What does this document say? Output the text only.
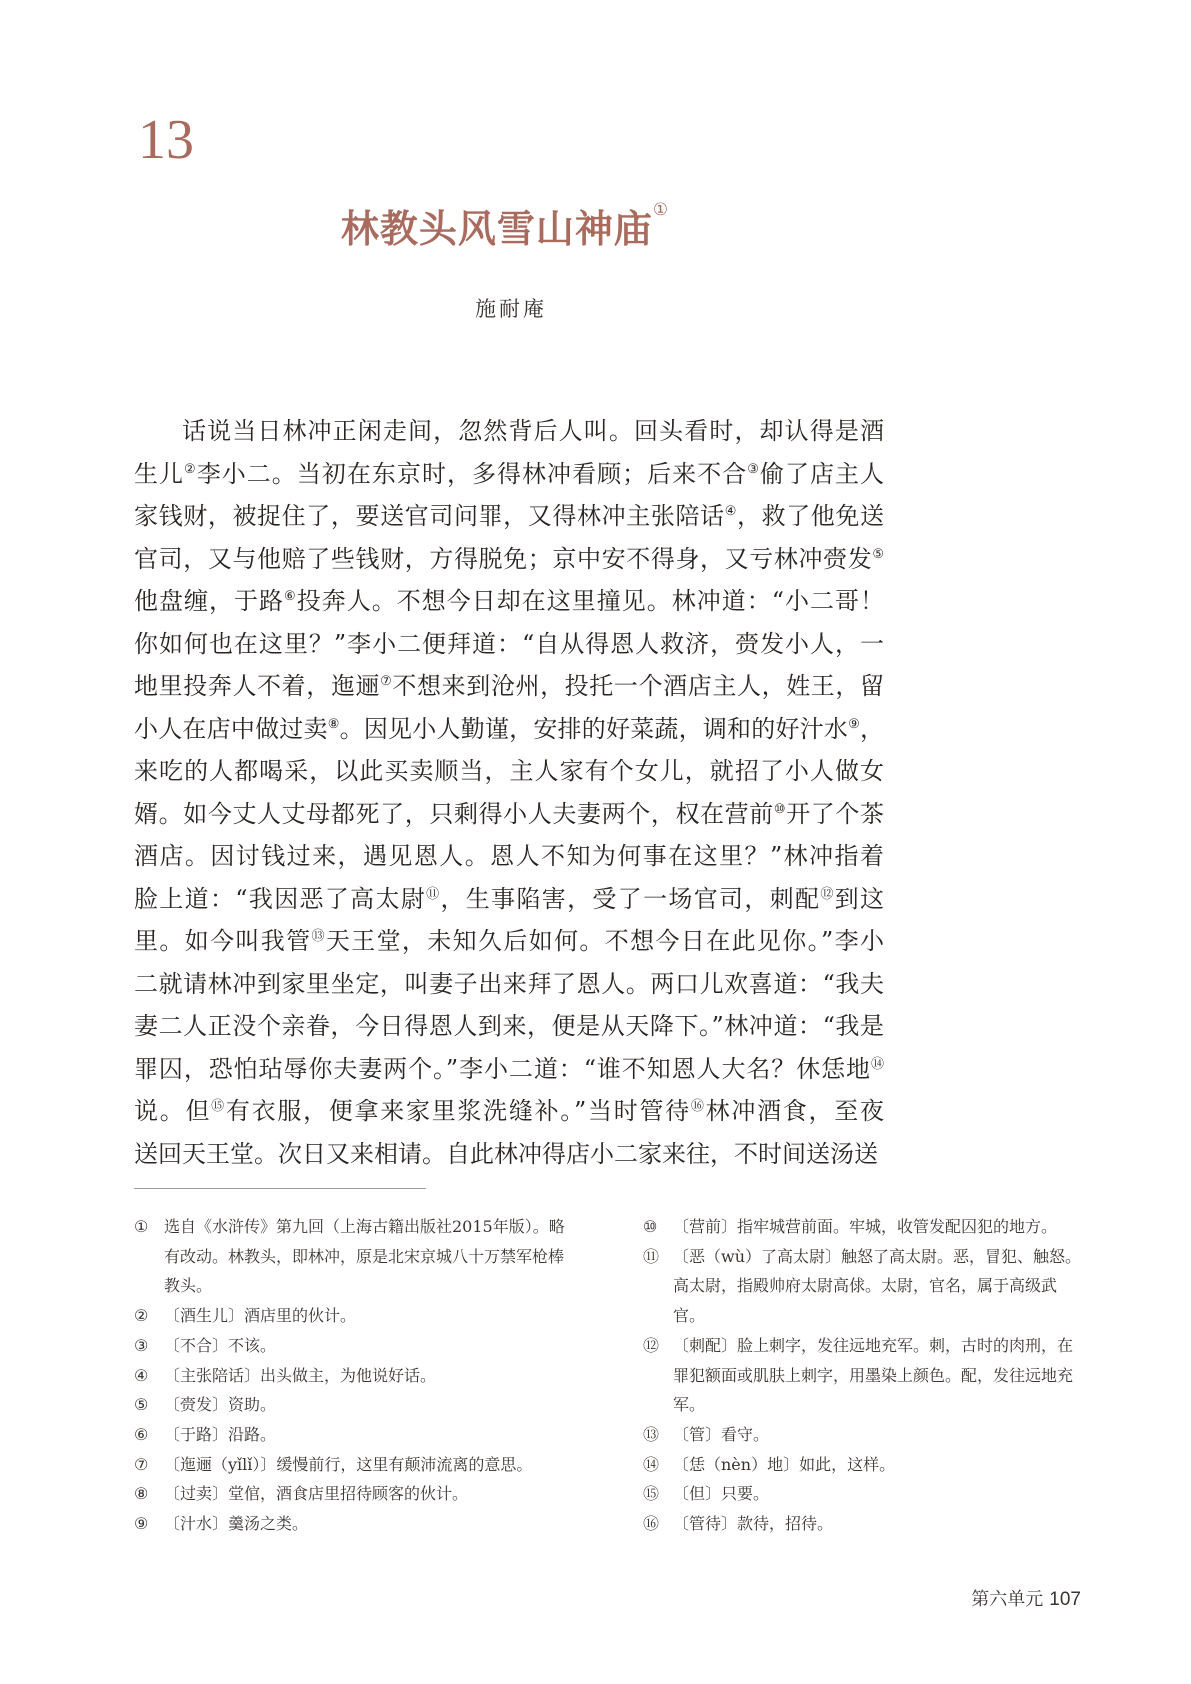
13
林教头风雪山神庙①
施耐庵
话说当日林冲正闲走间，忽然背后人叫。回头看时，却认得是酒
生儿②李小二。当初在东京时，多得林冲看顾；后来不合③偷了店主人
家钱财，被捉住了，要送官司问罪，又得林冲主张陪话④，救了他免送
官司，又与他赔了些钱财，方得脱免；京中安不得身，又亏林冲赍发⑤
他盘缠，于路⑥投奔人。不想今日却在这里撞见。林冲道：“小二哥！
你如何也在这里？”李小二便拜道：“自从得恩人救济，赍发小人，一
地里投奔人不着，迤逦⑦不想来到沧州，投托一个酒店主人，姓王，留
小人在店中做过卖⑧。因见小人勤谨，安排的好菜蔬，调和的好汁水⑨，
来吃的人都喝采，以此买卖顺当，主人家有个女儿，就招了小人做女
婿。如今丈人丈母都死了，只剩得小人夫妻两个，权在营前⑩开了个茶
酒店。因讨钱过来，遇见恩人。恩人不知为何事在这里？”林冲指着
脸上道：“我因恶了高太尉⑪，生事陷害，受了一场官司，刺配⑫到这
里。如今叫我管⑬天王堂，未知久后如何。不想今日在此见你。”李小
二就请林冲到家里坐定，叫妻子出来拜了恩人。两口儿欢喜道：“我夫
妻二人正没个亲眷，今日得恩人到来，便是从天降下。”林冲道：“我是
罪囚，恐怕玷辱你夫妻两个。”李小二道：“谁不知恩人大名？休恁地⑭
说。但⑮有衣服，便拿来家里浆洗缝补。”当时管待⑯林冲酒食，至夜
送回天王堂。次日又来相请。自此林冲得店小二家来往，不时间送汤送
① 选自《水浒传》第九回（上海古籍出版社2015年版）。略有改动。林教头，即林冲，原是北宋京城八十万禁军枪棒教头。
② 〔酒生儿〕酒店里的伙计。
③ 〔不合〕不该。
④ 〔主张陪话〕出头做主，为他说好话。
⑤ 〔赍发〕资助。
⑥ 〔于路〕沿路。
⑦ 〔迤逦（yǐlǐ）〕缓慢前行，这里有颠沛流离的意思。
⑧ 〔过卖〕堂倌，酒食店里招待顾客的伙计。
⑨ 〔汁水〕羹汤之类。
⑩ 〔营前〕指牢城营前面。牢城，收管发配囚犯的地方。
⑪ 〔恶（wù）了高太尉〕触怒了高太尉。恶，冒犯、触怒。高太尉，指殿帅府太尉高俅。太尉，官名，属于高级武官。
⑫ 〔刺配〕脸上刺字，发往远地充军。刺，古时的肉刑，在罪犯额面或肌肤上刺字，用墨染上颜色。配，发往远地充军。
⑬ 〔管〕看守。
⑭ 〔恁（nèn）地〕如此，这样。
⑮ 〔但〕只要。
⑯ 〔管待〕款待，招待。
第六单元 107
